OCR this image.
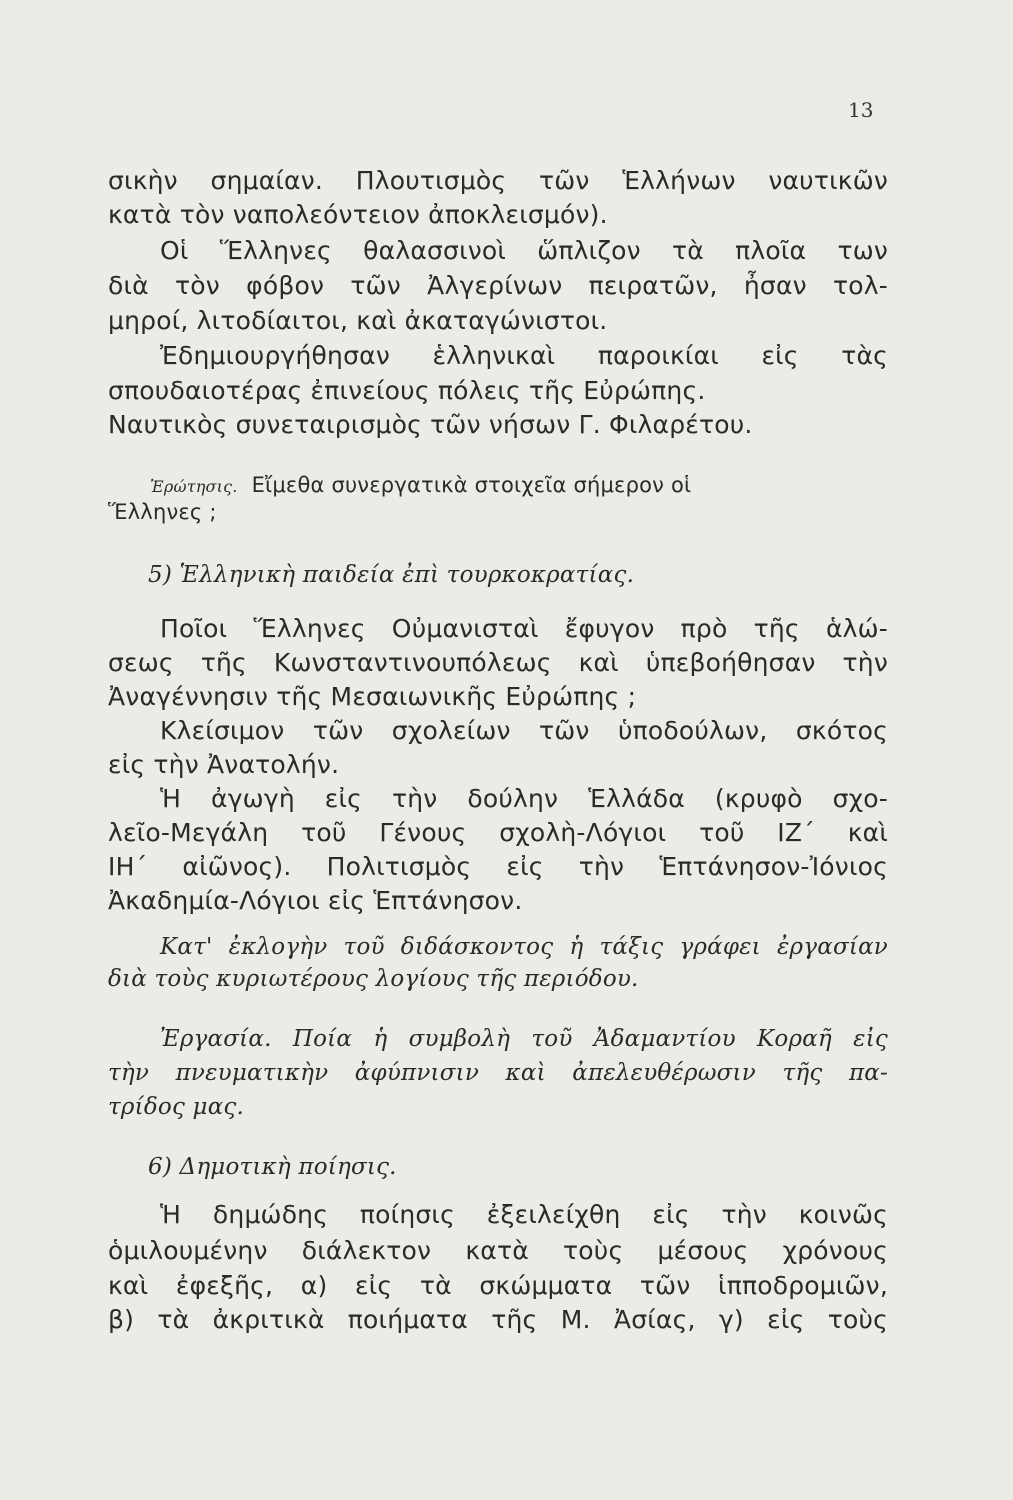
13
σικὴν σημαίαν. Πλουτισμὸς τῶν Ἑλλήνων ναυτικῶν
κατὰ τὸν ναπολεόντειον ἀποκλεισμόν).
Οἱ Ἕλληνες θαλασσινοὶ ὥπλιζον τὰ πλοῖα των
διὰ τὸν φόβον τῶν Ἀλγερίνων πειρατῶν, ἦσαν τολ-
μηροί, λιτοδίαιτοι, καὶ ἀκαταγώνιστοι.
Ἐδημιουργήθησαν ἑλληνικαὶ παροικίαι εἰς τὰς
σπουδαιοτέρας ἐπινείους πόλεις τῆς Εὐρώπης.
Ναυτικὸς συνεταιρισμὸς τῶν νήσων Γ. Φιλαρέτου.
Ἐρώτησις. Εἴμεθα συνεργατικὰ στοιχεῖα σήμερον οἱ
Ἕλληνες ;
5) Ἑλληνικὴ παιδεία ἐπὶ τουρκοκρατίας.
Ποῖοι Ἕλληνες Οὐμανισταὶ ἔφυγον πρὸ τῆς ἁλώ-
σεως τῆς Κωνσταντινουπόλεως καὶ ὑπεβοήθησαν τὴν
Ἀναγέννησιν τῆς Μεσαιωνικῆς Εὐρώπης ;
Κλείσιμον τῶν σχολείων τῶν ὑποδούλων, σκότος
εἰς τὴν Ἀνατολήν.
Ἡ ἀγωγὴ εἰς τὴν δούλην Ἑλλάδα (κρυφὸ σχο-
λεῖο-Μεγάλη τοῦ Γένους σχολὴ-Λόγιοι τοῦ ΙΖ΄ καὶ
ΙΗ΄ αἰῶνος). Πολιτισμὸς εἰς τὴν Ἑπτάνησον-Ἰόνιος
Ἀκαδημία-Λόγιοι εἰς Ἑπτάνησον.
Κατ' ἐκλογὴν τοῦ διδάσκοντος ἡ τάξις γράφει ἐργασίαν
διὰ τοὺς κυριωτέρους λογίους τῆς περιόδου.
Ἐργασία. Ποία ἡ συμβολὴ τοῦ Ἀδαμαντίου Κοραῆ εἰς
τὴν πνευματικὴν ἀφύπνισιν καὶ ἀπελευθέρωσιν τῆς πα-
τρίδος μας.
6) Δημοτικὴ ποίησις.
Ἡ δημώδης ποίησις ἐξειλείχθη εἰς τὴν κοινῶς
ὁμιλουμένην διάλεκτον κατὰ τοὺς μέσους χρόνους
καὶ ἐφεξῆς, α) εἰς τὰ σκώμματα τῶν ἱπποδρομιῶν,
β) τὰ ἀκριτικὰ ποιήματα τῆς Μ. Ἀσίας, γ) εἰς τοὺς
